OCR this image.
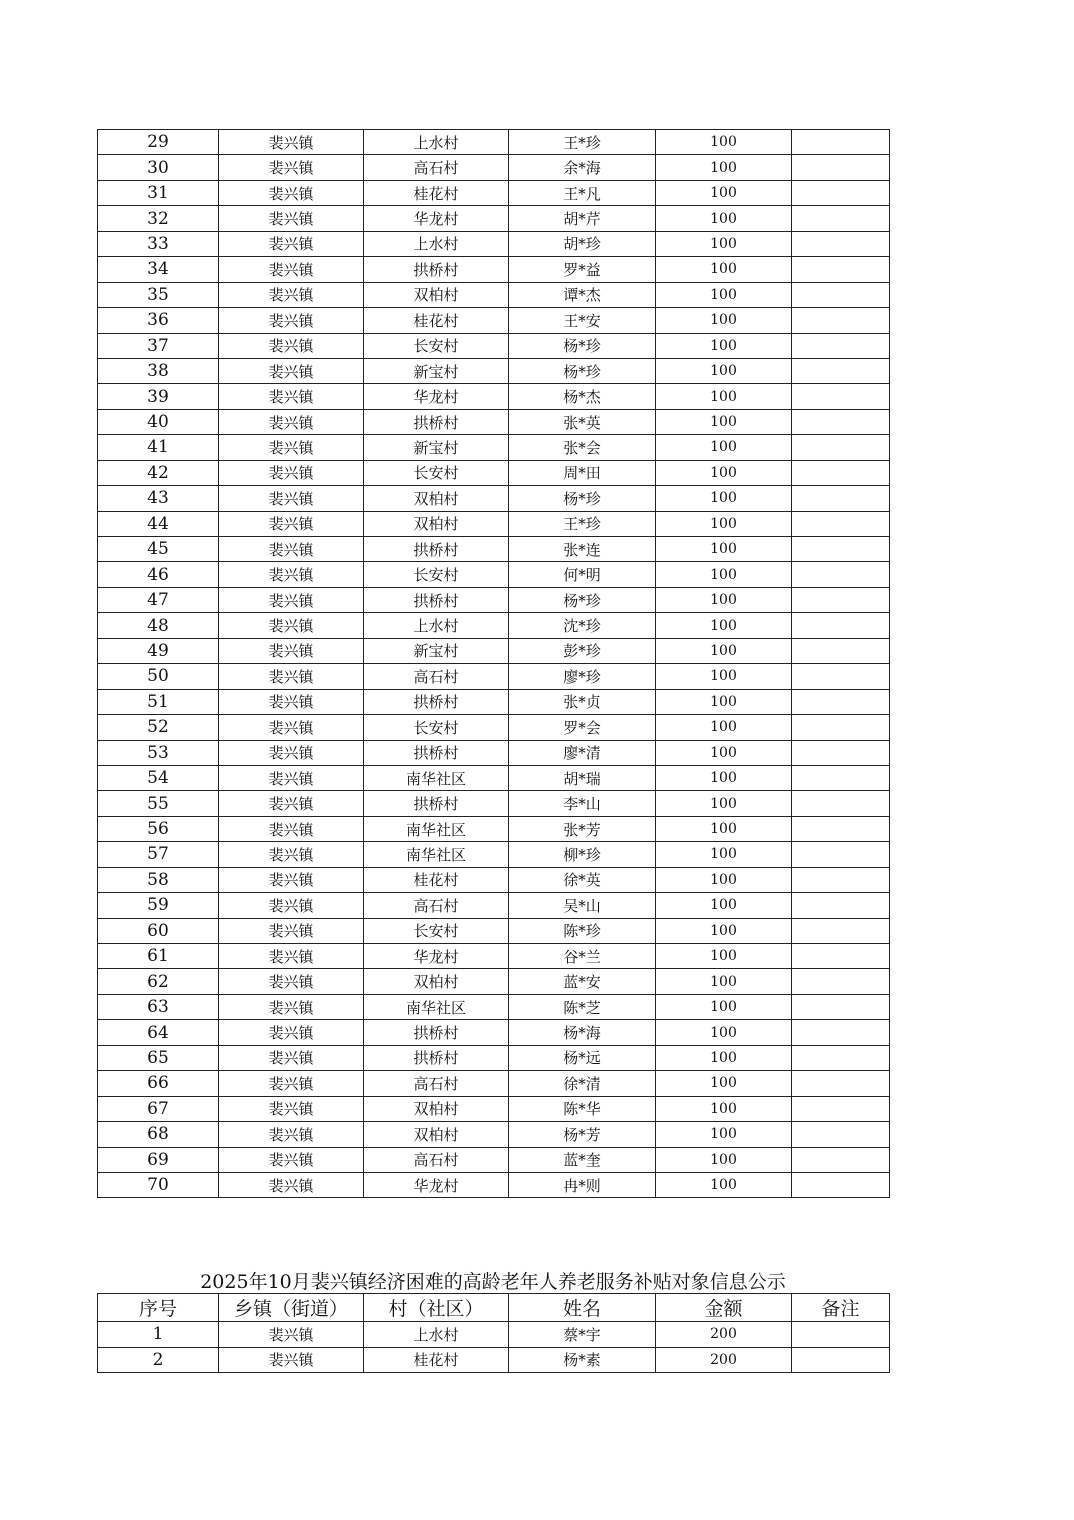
29	裴兴镇	上水村	王*珍	100	
30	裴兴镇	高石村	余*海	100	
31	裴兴镇	桂花村	王*凡	100	
32	裴兴镇	华龙村	胡*芹	100	
33	裴兴镇	上水村	胡*珍	100	
34	裴兴镇	拱桥村	罗*益	100	
35	裴兴镇	双柏村	谭*杰	100	
36	裴兴镇	桂花村	王*安	100	
37	裴兴镇	长安村	杨*珍	100	
38	裴兴镇	新宝村	杨*珍	100	
39	裴兴镇	华龙村	杨*杰	100	
40	裴兴镇	拱桥村	张*英	100	
41	裴兴镇	新宝村	张*会	100	
42	裴兴镇	长安村	周*田	100	
43	裴兴镇	双柏村	杨*珍	100	
44	裴兴镇	双柏村	王*珍	100	
45	裴兴镇	拱桥村	张*连	100	
46	裴兴镇	长安村	何*明	100	
47	裴兴镇	拱桥村	杨*珍	100	
48	裴兴镇	上水村	沈*珍	100	
49	裴兴镇	新宝村	彭*珍	100	
50	裴兴镇	高石村	廖*珍	100	
51	裴兴镇	拱桥村	张*贞	100	
52	裴兴镇	长安村	罗*会	100	
53	裴兴镇	拱桥村	廖*清	100	
54	裴兴镇	南华社区	胡*瑞	100	
55	裴兴镇	拱桥村	李*山	100	
56	裴兴镇	南华社区	张*芳	100	
57	裴兴镇	南华社区	柳*珍	100	
58	裴兴镇	桂花村	徐*英	100	
59	裴兴镇	高石村	吴*山	100	
60	裴兴镇	长安村	陈*珍	100	
61	裴兴镇	华龙村	谷*兰	100	
62	裴兴镇	双柏村	蓝*安	100	
63	裴兴镇	南华社区	陈*芝	100	
64	裴兴镇	拱桥村	杨*海	100	
65	裴兴镇	拱桥村	杨*远	100	
66	裴兴镇	高石村	徐*清	100	
67	裴兴镇	双柏村	陈*华	100	
68	裴兴镇	双柏村	杨*芳	100	
69	裴兴镇	高石村	蓝*奎	100	
70	裴兴镇	华龙村	冉*则	100	
2025年10月裴兴镇经济困难的高龄老年人养老服务补贴对象信息公示
序号	乡镇（街道）	村（社区）	姓名	金额	备注
1	裴兴镇	上水村	蔡*宇	200	
2	裴兴镇	桂花村	杨*素	200	
